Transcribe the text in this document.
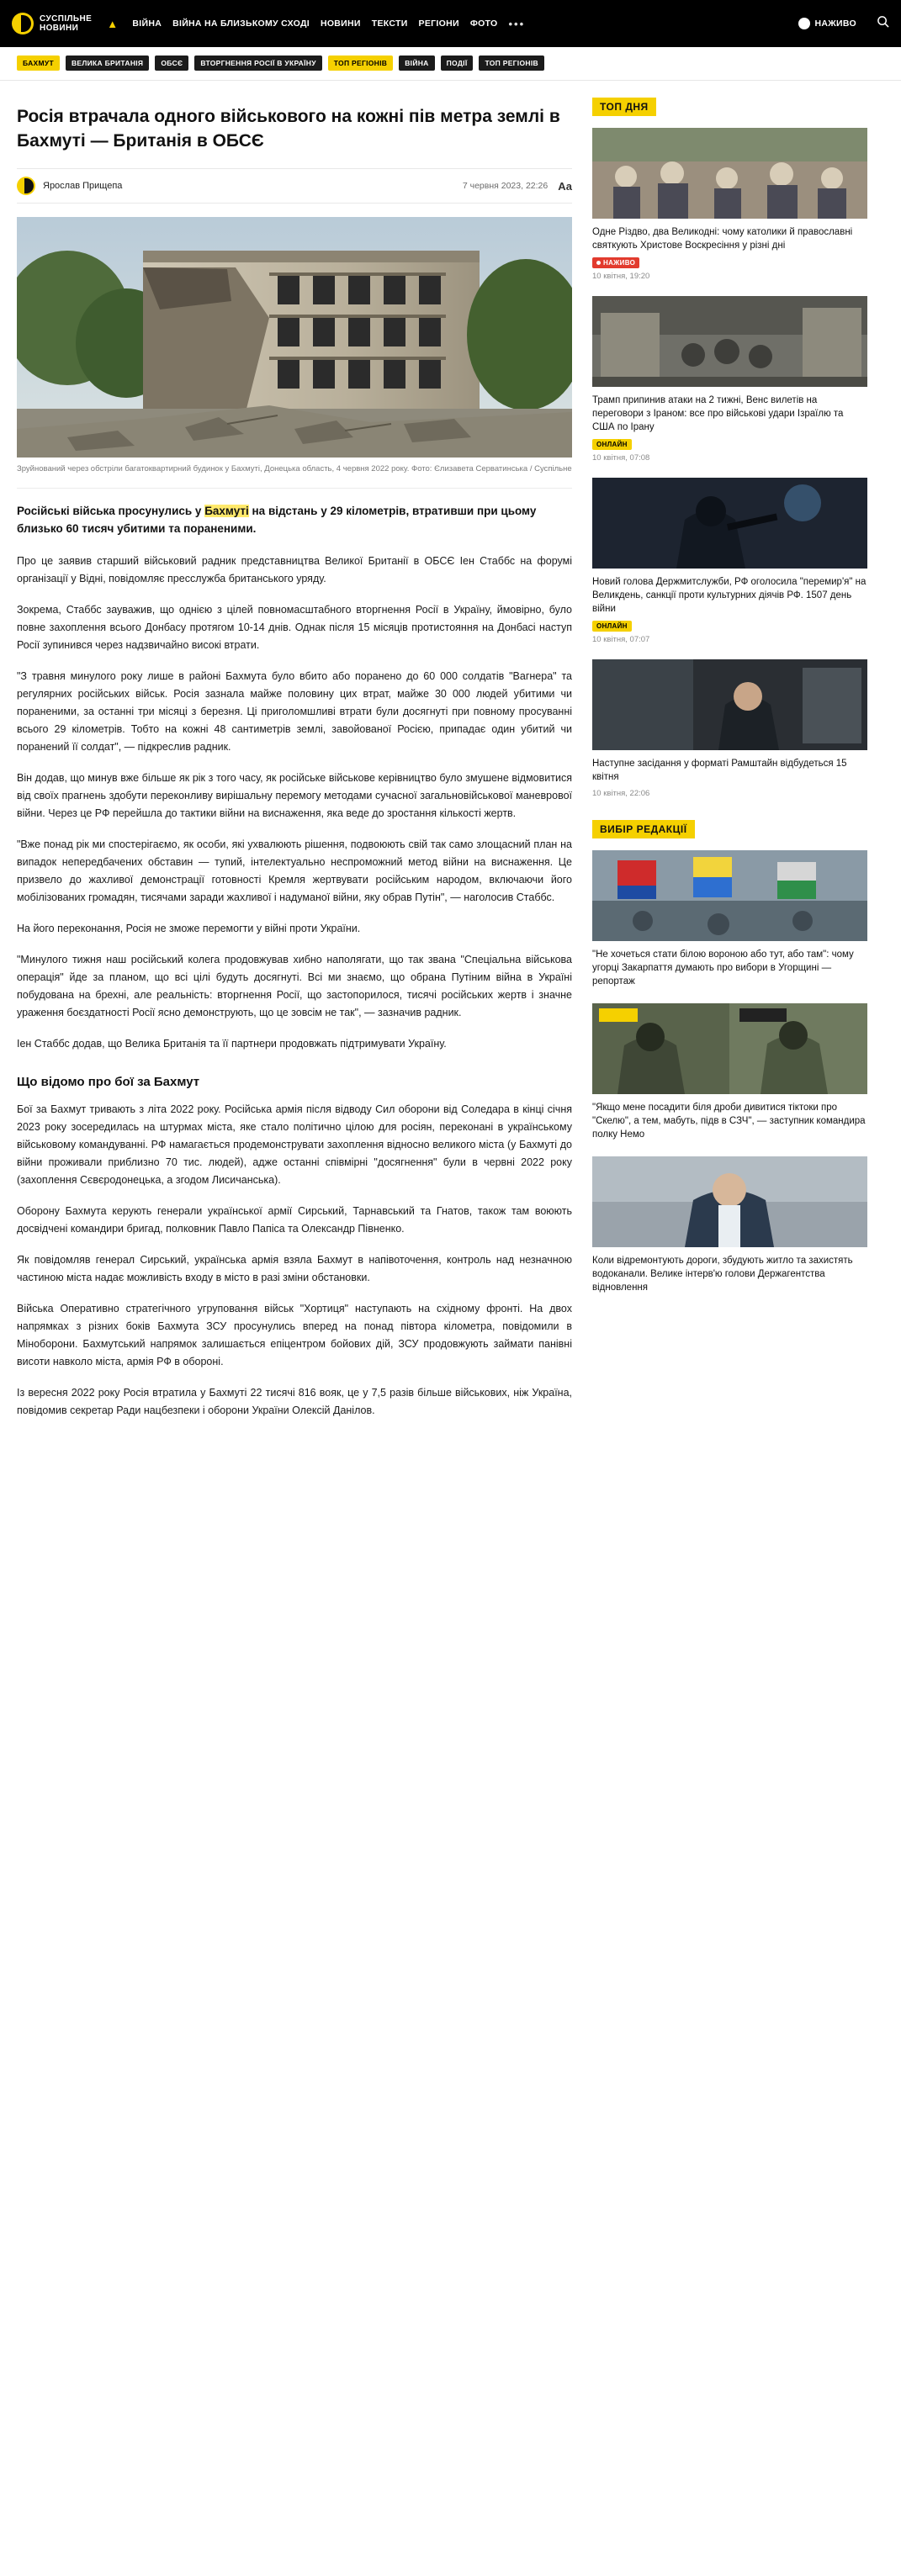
СУСПІЛЬНЕ
НОВИНИ	▲	ВІЙНА ВІЙНА НА БЛИЗЬКОМУ СХОДІ НОВИНИ ТЕКСТИ РЕГІОНИ ФОТО •••	НАЖИВО
БАХМУТ	ВЕЛИКА БРИТАНІЯ	ОБСЄ	ВТОРГНЕННЯ РОСІЇ В УКРАЇНУ	ТОП РЕГІОНІВ	ВІЙНА	ПОДІЇ	ТОП РЕГІОНІВ
Росія втрачала одного військового на кожні пів метра землі в Бахмуті — Британія в ОБСЄ
Ярослав Прищепа	7 червня 2023, 22:26 Аа
Зруйнований через обстріли багатоквартирний будинок у Бахмуті, Донецька область, 4 червня 2022 року. Фото: Єлизавета Серватинська / Суспільне

Російські війська просунулись у Бахмуті на відстань у 29 кілометрів, втративши при цьому близько 60 тисяч убитими та пораненими.

Про це заявив старший військовий радник представництва Великої Британії в ОБСЄ Іен Стаббс на форумі організації у Відні, повідомляє пресслужба британського уряду.

Зокрема, Стаббс зауважив, що однією з цілей повномасштабного вторгнення Росії в Україну, ймовірно, було повне захоплення всього Донбасу протягом 10-14 днів. Однак після 15 місяців протистояння на Донбасі наступ Росії зупинився через надзвичайно високі втрати.

"З травня минулого року лише в районі Бахмута було вбито або поранено до 60 000 солдатів "Вагнера" та регулярних російських військ. Росія зазнала майже половину цих втрат, майже 30 000 людей убитими чи пораненими, за останні три місяці з березня. Ці приголомшливі втрати були досягнуті при повному просуванні всього 29 кілометрів. Тобто на кожні 48 сантиметрів землі, завойованої Росією, припадає один убитий чи поранений її солдат", — підкреслив радник.

Він додав, що минув вже більше як рік з того часу, як російське військове керівництво було змушене відмовитися від своїх прагнень здобути переконливу вирішальну перемогу методами сучасної загальновійськової маневрової війни. Через це РФ перейшла до тактики війни на виснаження, яка веде до зростання кількості жертв.

"Вже понад рік ми спостерігаємо, як особи, які ухвалюють рішення, подвоюють свій так само злощасний план на випадок непередбачених обставин — тупий, інтелектуально неспроможний метод війни на виснаження. Це призвело до жахливої демонстрації готовності Кремля жертвувати російським народом, включаючи його мобілізованих громадян, тисячами заради жахливої і надуманої війни, яку обрав Путін", — наголосив Стаббс.

На його переконання, Росія не зможе перемогти у війні проти України.

"Минулого тижня наш російський колега продовжував хибно наполягати, що так звана "Спеціальна військова операція" йде за планом, що всі цілі будуть досягнуті. Всі ми знаємо, що обрана Путіним війна в Україні побудована на брехні, але реальність: вторгнення Росії, що застопорилося, тисячі російських жертв і значне ураження боєздатності Росії ясно демонструють, що це зовсім не так", — зазначив радник.

Іен Стаббс додав, що Велика Британія та її партнери продовжать підтримувати Україну.

Що відомо про бої за Бахмут

Бої за Бахмут тривають з літа 2022 року. Російська армія після відводу Сил оборони від Соледара в кінці січня 2023 року зосередилась на штурмах міста, яке стало політично цілою для росіян, переконані в українському військовому командуванні. РФ намагається продемонструвати захоплення відносно великого міста (у Бахмуті до війни проживали приблизно 70 тис. людей), адже останні співмірні "досягнення" були в червні 2022 року (захоплення Сєвєродонецька, а згодом Лисичанська).

Оборону Бахмута керують генерали української армії Сирський, Тарнавський та Гнатов, також там воюють досвідчені командири бригад, полковник Павло Папіса та Олександр Півненко.

Як повідомляв генерал Сирський, українська армія взяла Бахмут в напівоточення, контроль над незначною частиною міста надає можливість входу в місто в разі зміни обстановки.

Війська Оперативно стратегічного угруповання військ "Хортиця" наступають на східному фронті. На двох напрямках з різних боків Бахмута ЗСУ просунулись вперед на понад півтора кілометра, повідомили в Міноборони. Бахмутський напрямок залишається епіцентром бойових дій, ЗСУ продовжують займати панівні висоти навколо міста, армія РФ в обороні.

Із вересня 2022 року Росія втратила у Бахмуті 22 тисячі 816 вояк, це у 7,5 разів більше військових, ніж Україна, повідомив секретар Ради нацбезпеки і оборони України Олексій Данілов.

ТОП ДНЯ
Одне Різдво, два Великодні: чому католики й православні святкують Христове Воскресіння у різні дні
НАЖИВО
10 квітня, 19:20
Трамп припинив атаки на 2 тижні, Венс вилетів на переговори з Іраном: все про військові удари Ізраїлю та США по Ірану
ОНЛАЙН
10 квітня, 07:08
Новий голова Держмитслужби, РФ оголосила "перемир'я" на Великдень, санкції проти культурних діячів РФ. 1507 день війни
ОНЛАЙН
10 квітня, 07:07
Наступне засідання у форматі Рамштайн відбудеться 15 квітня
10 квітня, 22:06
ВИБІР РЕДАКЦІЇ
"Не хочеться стати білою вороною або тут, або там": чому угорці Закарпаття думають про вибори в Угорщині — репортаж
"Якщо мене посадити біля дроби дивитися тіктоки про "Скелю", а тем, мабуть, підв в СЗЧ", — заступник командира полку Немо
Коли відремонтують дороги, збудують житло та захистять водоканали. Велике інтерв'ю голови Держагентства відновлення
